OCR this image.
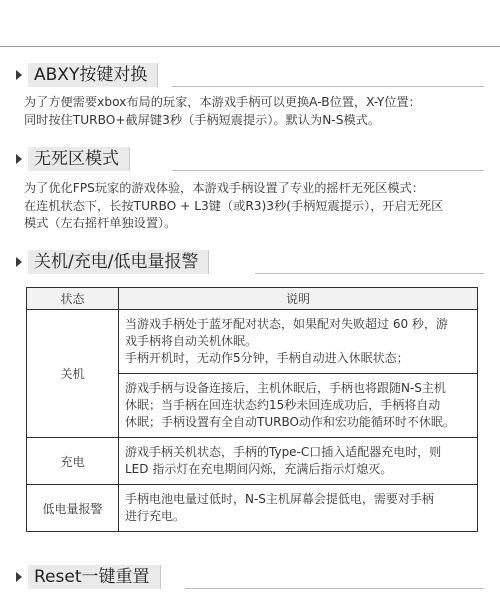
ABXY按键对换
为了方便需要xbox布局的玩家，本游戏手柄可以更换A-B位置，X-Y位置：
同时按住TURBO+截屏键3秒（手柄短震提示）。默认为N-S模式。
无死区模式
为了优化FPS玩家的游戏体验，本游戏手柄设置了专业的摇杆无死区模式：
在连机状态下，长按TURBO + L3键（或R3)3秒(手柄短震提示），开启无死区
模式（左右摇杆单独设置）。
关机/充电/低电量报警
状态	说明
关机	当游戏手柄处于蓝牙配对状态，如果配对失败超过 60 秒，游
戏手柄将自动关机休眠。
手柄开机时，无动作5分钟，手柄自动进入休眠状态；

	游戏手柄与设备连接后，主机休眠后，手柄也将跟随N-S主机
休眠；当手柄在回连状态约15秒未回连成功后，手柄将自动
休眠；手柄设置有全自动TURBO动作和宏功能循环时不休眠。

充电	游戏手柄关机状态，手柄的Type-C口插入适配器充电时，则
LED 指示灯在充电期间闪烁，充满后指示灯熄灭。

低电量报警	手柄电池电量过低时，N-S主机屏幕会提低电，需要对手柄
进行充电。
Reset一键重置
